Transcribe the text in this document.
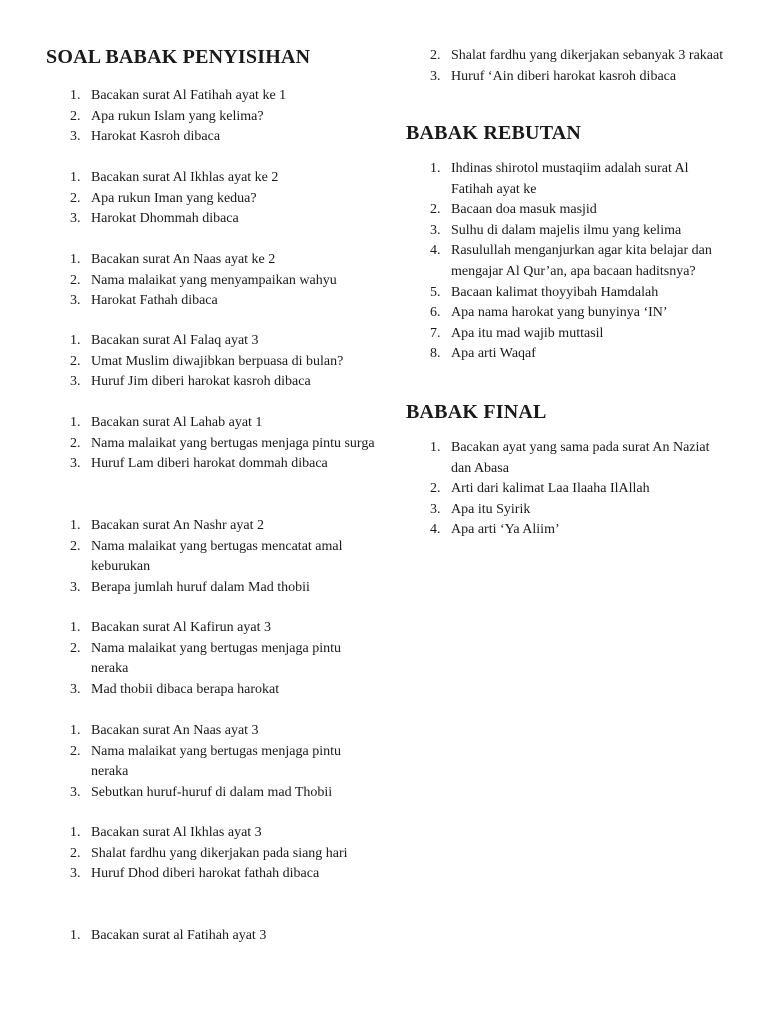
SOAL BABAK PENYISIHAN
1. Bacakan surat Al Fatihah ayat ke 1
2. Apa rukun Islam yang kelima?
3. Harokat Kasroh dibaca
1. Bacakan surat Al Ikhlas ayat ke 2
2. Apa rukun Iman yang kedua?
3. Harokat Dhommah dibaca
1. Bacakan surat An Naas ayat ke 2
2. Nama malaikat yang menyampaikan wahyu
3. Harokat Fathah dibaca
1. Bacakan surat Al Falaq ayat 3
2. Umat Muslim diwajibkan berpuasa di bulan?
3. Huruf Jim diberi harokat kasroh dibaca
1. Bacakan surat Al Lahab ayat 1
2. Nama malaikat yang bertugas menjaga pintu surga
3. Huruf Lam diberi harokat dommah dibaca
1. Bacakan surat An Nashr ayat 2
2. Nama malaikat yang bertugas mencatat amal keburukan
3. Berapa jumlah huruf dalam Mad thobii
1. Bacakan surat Al Kafirun ayat 3
2. Nama malaikat yang bertugas menjaga pintu neraka
3. Mad thobii dibaca berapa harokat
1. Bacakan surat An Naas ayat 3
2. Nama malaikat yang bertugas menjaga pintu neraka
3. Sebutkan huruf-huruf di dalam mad Thobii
1. Bacakan surat Al Ikhlas ayat 3
2. Shalat fardhu yang dikerjakan pada siang hari
3. Huruf Dhod diberi harokat fathah dibaca
1. Bacakan surat al Fatihah ayat 3
2. Shalat fardhu yang dikerjakan sebanyak 3 rakaat
3. Huruf ‘Ain diberi harokat kasroh dibaca
BABAK REBUTAN
1. Ihdinas shirotol mustaqiim adalah surat Al Fatihah ayat ke
2. Bacaan doa masuk masjid
3. Sulhu di dalam majelis ilmu yang kelima
4. Rasulullah menganjurkan agar kita belajar dan mengajar Al Qur’an, apa bacaan haditsnya?
5. Bacaan kalimat thoyyibah Hamdalah
6. Apa nama harokat yang bunyinya ‘IN’
7. Apa itu mad wajib muttasil
8. Apa arti Waqaf
BABAK FINAL
1. Bacakan ayat yang sama pada surat An Naziat dan Abasa
2. Arti dari kalimat Laa Ilaaha IlAllah
3. Apa itu Syirik
4. Apa arti ‘Ya Aliim’
